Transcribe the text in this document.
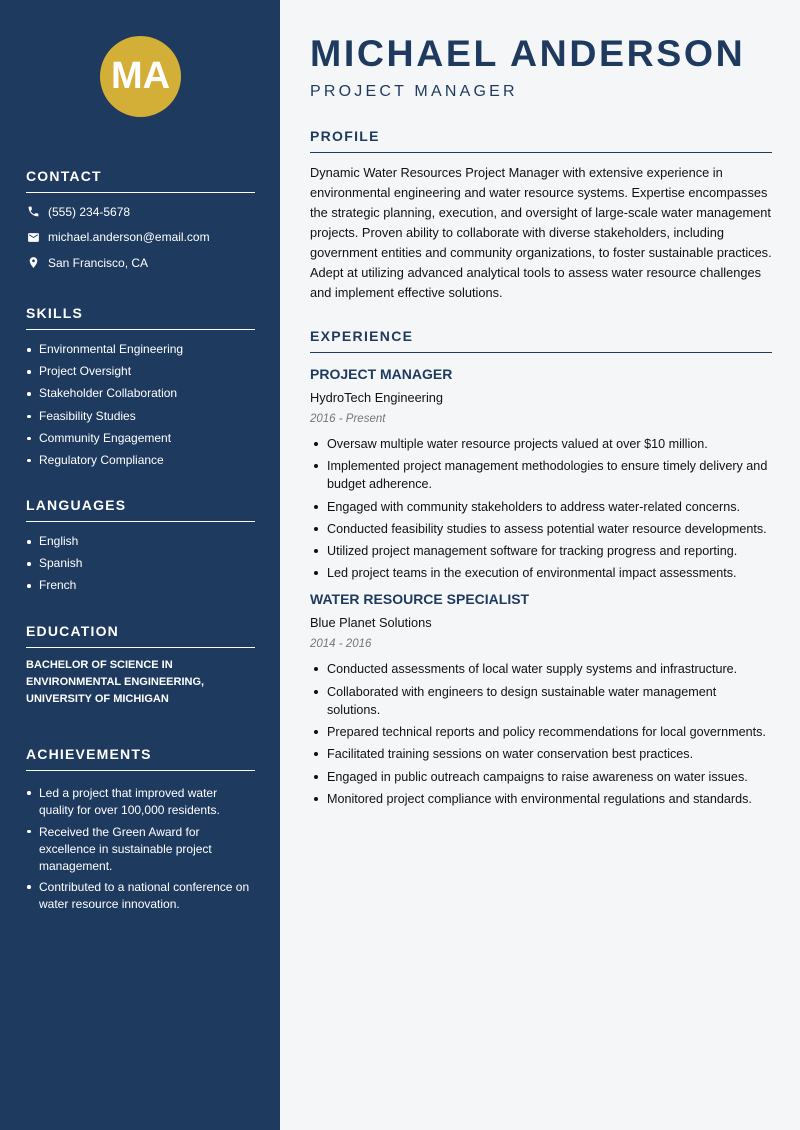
MA
CONTACT
(555) 234-5678
michael.anderson@email.com
San Francisco, CA
SKILLS
Environmental Engineering
Project Oversight
Stakeholder Collaboration
Feasibility Studies
Community Engagement
Regulatory Compliance
LANGUAGES
English
Spanish
French
EDUCATION
BACHELOR OF SCIENCE IN ENVIRONMENTAL ENGINEERING, UNIVERSITY OF MICHIGAN
ACHIEVEMENTS
Led a project that improved water quality for over 100,000 residents.
Received the Green Award for excellence in sustainable project management.
Contributed to a national conference on water resource innovation.
MICHAEL ANDERSON
PROJECT MANAGER
PROFILE
Dynamic Water Resources Project Manager with extensive experience in environmental engineering and water resource systems. Expertise encompasses the strategic planning, execution, and oversight of large-scale water management projects. Proven ability to collaborate with diverse stakeholders, including government entities and community organizations, to foster sustainable practices. Adept at utilizing advanced analytical tools to assess water resource challenges and implement effective solutions.
EXPERIENCE
PROJECT MANAGER
HydroTech Engineering
2016 - Present
Oversaw multiple water resource projects valued at over $10 million.
Implemented project management methodologies to ensure timely delivery and budget adherence.
Engaged with community stakeholders to address water-related concerns.
Conducted feasibility studies to assess potential water resource developments.
Utilized project management software for tracking progress and reporting.
Led project teams in the execution of environmental impact assessments.
WATER RESOURCE SPECIALIST
Blue Planet Solutions
2014 - 2016
Conducted assessments of local water supply systems and infrastructure.
Collaborated with engineers to design sustainable water management solutions.
Prepared technical reports and policy recommendations for local governments.
Facilitated training sessions on water conservation best practices.
Engaged in public outreach campaigns to raise awareness on water issues.
Monitored project compliance with environmental regulations and standards.
